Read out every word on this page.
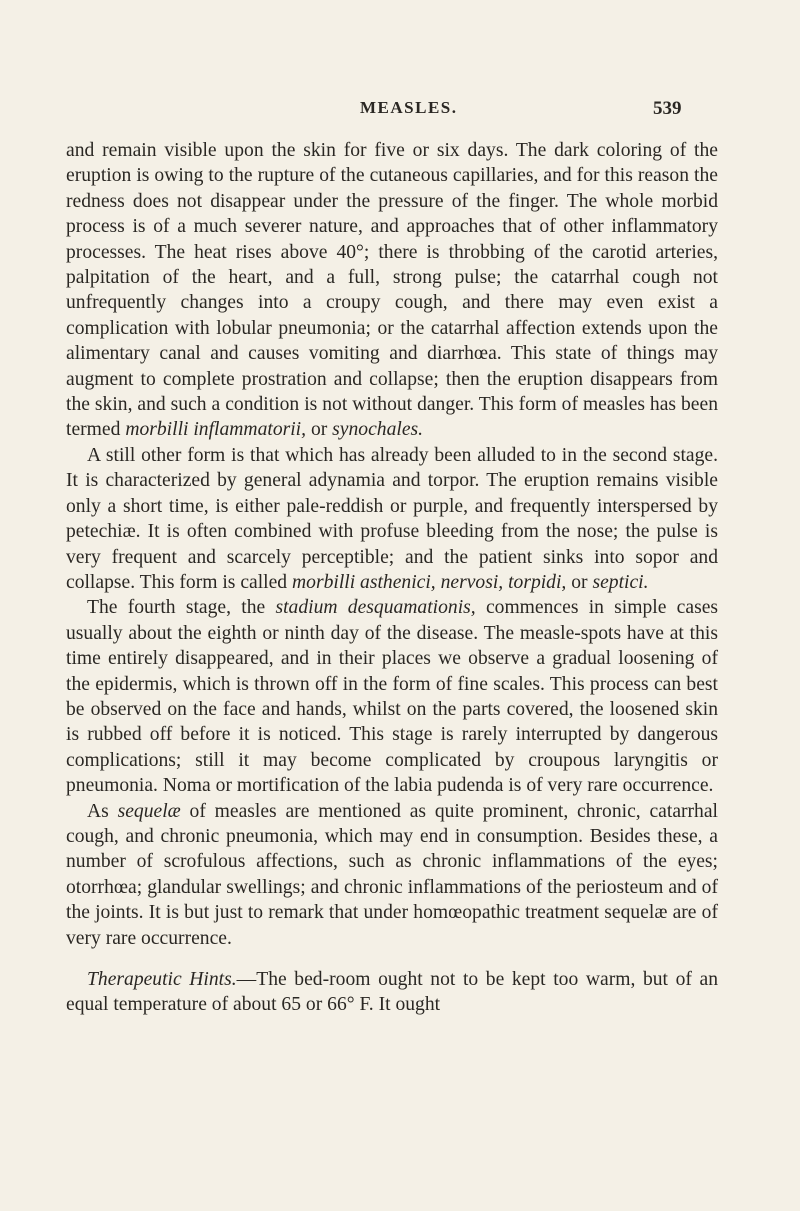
MEASLES.	539

and remain visible upon the skin for five or six days. The dark coloring of the eruption is owing to the rupture of the cutaneous capillaries, and for this reason the redness does not disappear under the pressure of the finger. The whole morbid process is of a much severer nature, and approaches that of other inflammatory processes. The heat rises above 40°; there is throbbing of the carotid arteries, palpitation of the heart, and a full, strong pulse; the catarrhal cough not unfrequently changes into a croupy cough, and there may even exist a complication with lobular pneumonia; or the catarrhal affection extends upon the alimentary canal and causes vomiting and diarrhœa. This state of things may augment to complete prostration and collapse; then the eruption disappears from the skin, and such a condition is not without danger. This form of measles has been termed morbilli inflammatorii, or synochales.

A still other form is that which has already been alluded to in the second stage. It is characterized by general adynamia and torpor. The eruption remains visible only a short time, is either pale-reddish or purple, and frequently interspersed by petechiæ. It is often combined with profuse bleeding from the nose; the pulse is very frequent and scarcely perceptible; and the patient sinks into sopor and collapse. This form is called morbilli asthenici, nervosi, torpidi, or septici.

The fourth stage, the stadium desquamationis, commences in simple cases usually about the eighth or ninth day of the disease. The measle-spots have at this time entirely disappeared, and in their places we observe a gradual loosening of the epidermis, which is thrown off in the form of fine scales. This process can best be observed on the face and hands, whilst on the parts covered, the loosened skin is rubbed off before it is noticed. This stage is rarely interrupted by dangerous complications; still it may become complicated by croupous laryngitis or pneumonia. Noma or mortification of the labia pudenda is of very rare occurrence.

As sequelæ of measles are mentioned as quite prominent, chronic, catarrhal cough, and chronic pneumonia, which may end in consumption. Besides these, a number of scrofulous affections, such as chronic inflammations of the eyes; otorrhœa; glandular swellings; and chronic inflammations of the periosteum and of the joints. It is but just to remark that under homœopathic treatment sequelæ are of very rare occurrence.

Therapeutic Hints.—The bed-room ought not to be kept too warm, but of an equal temperature of about 65 or 66° F. It ought
